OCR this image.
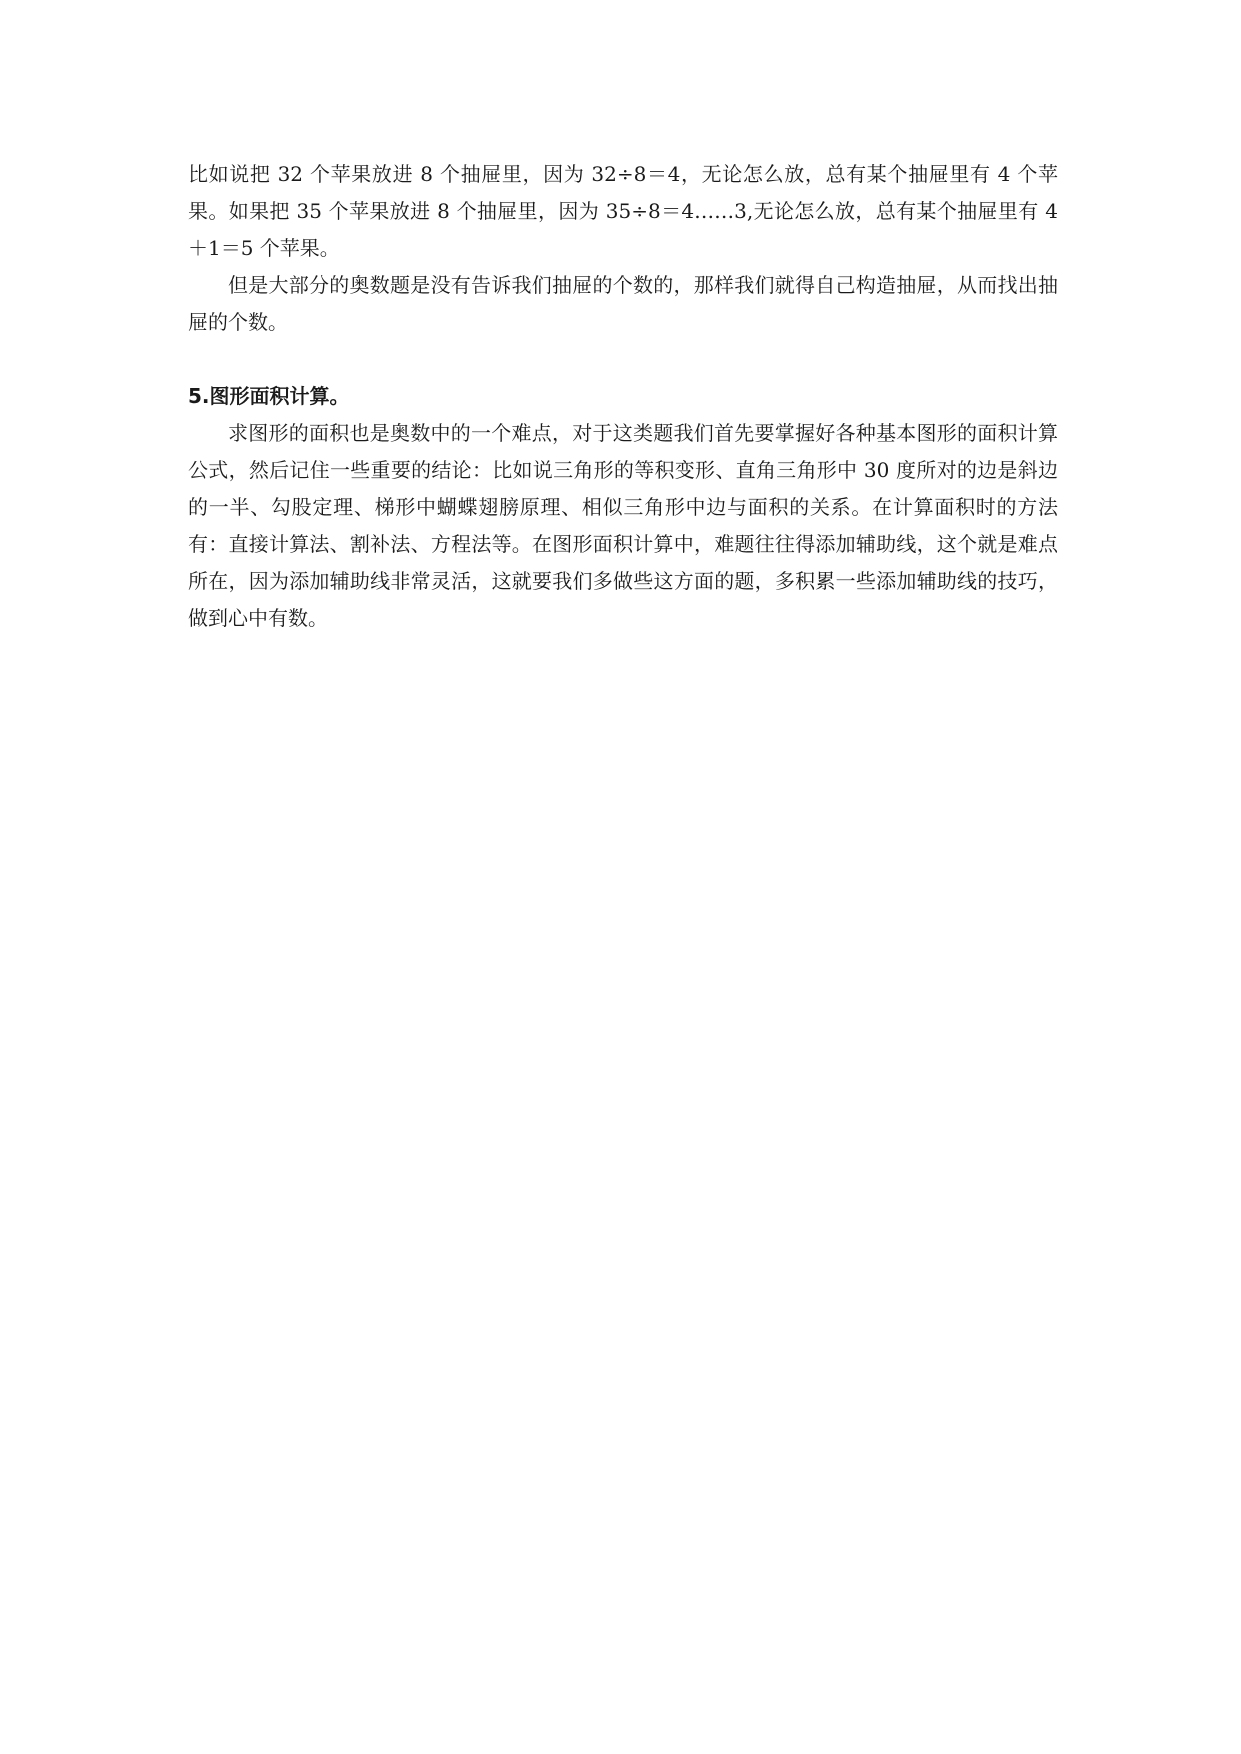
比如说把 32 个苹果放进 8 个抽屉里，因为 32÷8＝4，无论怎么放，总有某个抽屉里有 4 个苹果。如果把 35 个苹果放进 8 个抽屉里，因为 35÷8＝4……3,无论怎么放，总有某个抽屉里有 4＋1＝5 个苹果。

但是大部分的奥数题是没有告诉我们抽屉的个数的，那样我们就得自己构造抽屉，从而找出抽屉的个数。

5.图形面积计算。

求图形的面积也是奥数中的一个难点，对于这类题我们首先要掌握好各种基本图形的面积计算公式，然后记住一些重要的结论：比如说三角形的等积变形、直角三角形中 30 度所对的边是斜边的一半、勾股定理、梯形中蝴蝶翅膀原理、相似三角形中边与面积的关系。在计算面积时的方法有：直接计算法、割补法、方程法等。在图形面积计算中，难题往往得添加辅助线，这个就是难点所在，因为添加辅助线非常灵活，这就要我们多做些这方面的题，多积累一些添加辅助线的技巧，做到心中有数。
